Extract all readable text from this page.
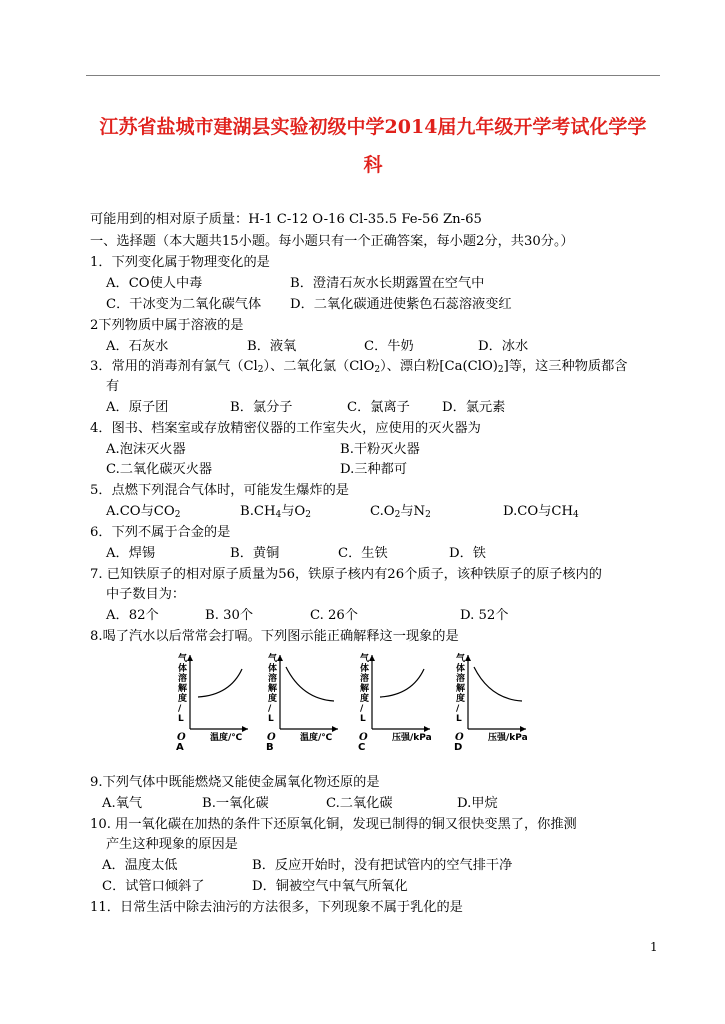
江苏省盐城市建湖县实验初级中学2014届九年级开学考试化学学
科
可能用到的相对原子质量：H-1 C-12 O-16 Cl-35.5 Fe-56 Zn-65
一、选择题（本大题共15小题。每小题只有一个正确答案，每小题2分，共30分。）
1．下列变化属于物理变化的是
A．CO使人中毒	B．澄清石灰水长期露置在空气中
C．干冰变为二氧化碳气体 D．二氧化碳通进使紫色石蕊溶液变红
2下列物质中属于溶液的是
A．石灰水	B．液氧	C．牛奶	D．冰水
3．常用的消毒剂有氯气$(Cl_2)$、二氧化氯（ClO$_2$）、漂白粉$[Ca(ClO)_2]$等，这三种物质都含
有
A．原子团	B．氯分子	C．氯离子 D．氯元素
4．图书、档案室或存放精密仪器的工作室失火，应使用的灭火器为
A.泡沫灭火器	B.干粉灭火器
C.二氧化碳灭火器	D.三种都可
5．点燃下列混合气体时，可能发生爆炸的是
A.CO与$CO_2$	$B.CH_4$与$O_2$	$C.O_2$与$N_2$	D.CO与$CH_4$
6．下列不属于合金的是
A．焊锡	B．黄铜	C．生铁	D．铁
7. 已知铁原子的相对原子质量为56，铁原子核内有26个质子，该种铁原子的原子核内的
中子数目为：
A．82个	B. 30个	C. 26个	D. 52个
8.喝了汽水以后常常会打嗝。下列图示能正确解释这一现象的是
气体溶解度/ L
O	温度/℃
A
气体溶解度/ L
O	温度/℃
B
气体溶解度/ L
O	压强/kPa
C
气体溶解度/ L
O	压强/kPa
D
9.下列气体中既能燃烧又能使金属氧化物还原的是
A.氧气	B.一氧化碳	C.二氧化碳	D.甲烷
10. 用一氧化碳在加热的条件下还原氧化铜，发现已制得的铜又很快变黑了，你推测
产生这种现象的原因是
A．温度太低	B．反应开始时，没有把试管内的空气排干净
C．试管口倾斜了	D．铜被空气中氧气所氧化
11．日常生活中除去油污的方法很多，下列现象不属于乳化的是
1
